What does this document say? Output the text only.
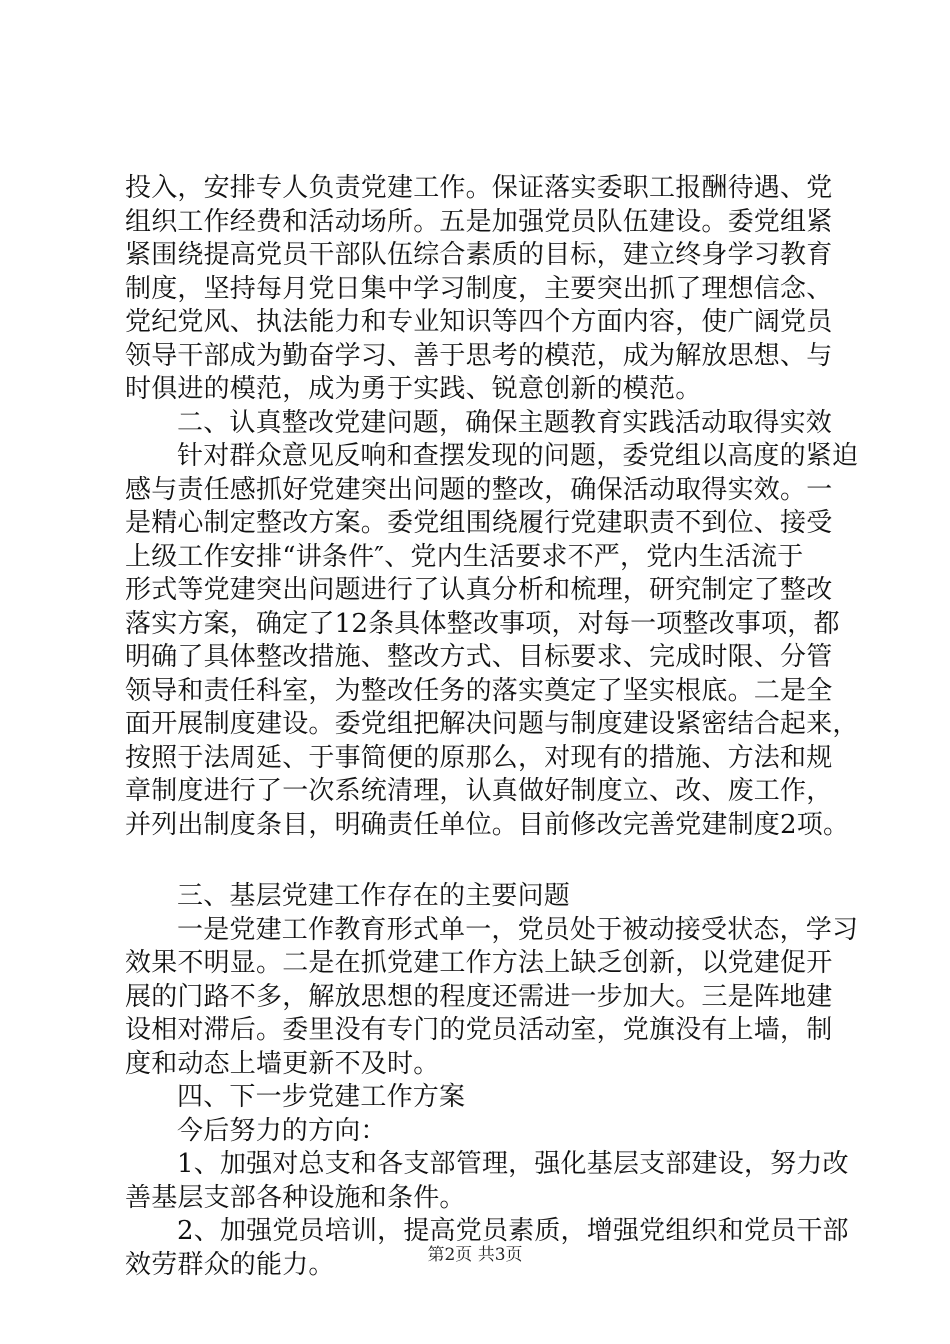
投入，安排专人负责党建工作。保证落实委职工报酬待遇、党
组织工作经费和活动场所。五是加强党员队伍建设。委党组紧
紧围绕提高党员干部队伍综合素质的目标，建立终身学习教育
制度，坚持每月党日集中学习制度，主要突出抓了理想信念、
党纪党风、执法能力和专业知识等四个方面内容，使广阔党员
领导干部成为勤奋学习、善于思考的模范，成为解放思想、与
时俱进的模范，成为勇于实践、锐意创新的模范。
二、认真整改党建问题，确保主题教育实践活动取得实效
针对群众意见反响和查摆发现的问题，委党组以高度的紧迫
感与责任感抓好党建突出问题的整改，确保活动取得实效。一
是精心制定整改方案。委党组围绕履行党建职责不到位、接受
上级工作安排“讲条件″、党内生活要求不严，党内生活流于
形式等党建突出问题进行了认真分析和梳理，研究制定了整改
落实方案，确定了12条具体整改事项，对每一项整改事项，都
明确了具体整改措施、整改方式、目标要求、完成时限、分管
领导和责任科室，为整改任务的落实奠定了坚实根底。二是全
面开展制度建设。委党组把解决问题与制度建设紧密结合起来，
按照于法周延、于事简便的原那么，对现有的措施、方法和规
章制度进行了一次系统清理，认真做好制度立、改、废工作，
并列出制度条目，明确责任单位。目前修改完善党建制度2项。
三、基层党建工作存在的主要问题
一是党建工作教育形式单一，党员处于被动接受状态，学习
效果不明显。二是在抓党建工作方法上缺乏创新，以党建促开
展的门路不多，解放思想的程度还需进一步加大。三是阵地建
设相对滞后。委里没有专门的党员活动室，党旗没有上墙，制
度和动态上墙更新不及时。
四、下一步党建工作方案
今后努力的方向：
1、加强对总支和各支部管理，强化基层支部建设，努力改
善基层支部各种设施和条件。
2、加强党员培训，提高党员素质，增强党组织和党员干部
效劳群众的能力。	第2页 共3页
